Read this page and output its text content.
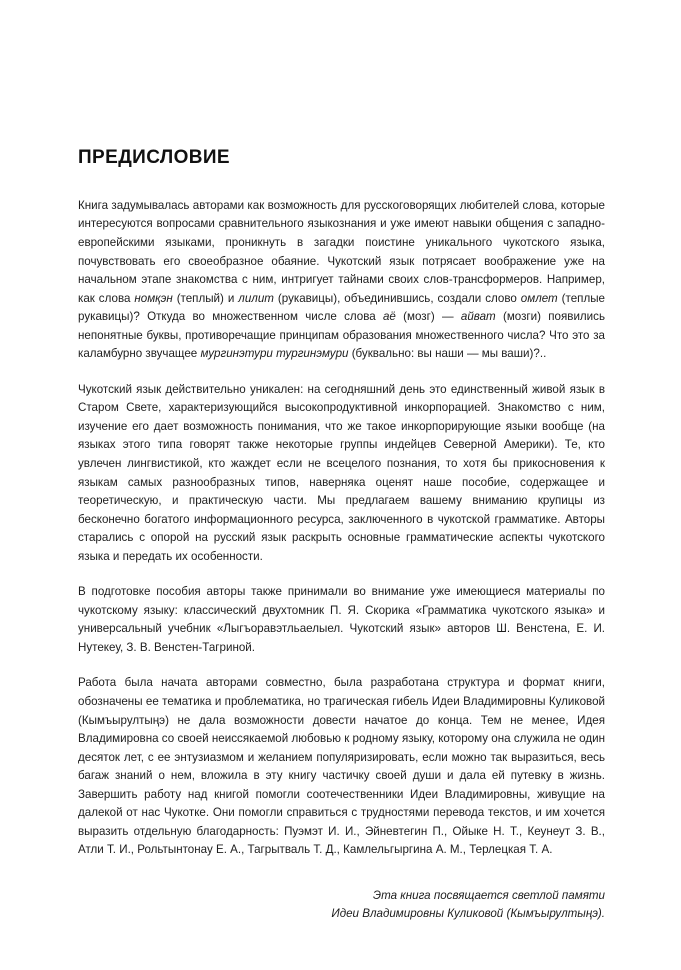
ПРЕДИСЛОВИЕ

Книга задумывалась авторами как возможность для русскоговорящих любителей слова, которые интересуются вопросами сравнительного языкознания и уже имеют навыки общения с западно-европейскими языками, проникнуть в загадки поистине уникального чукотского языка, почувствовать его своеобразное обаяние. Чукотский язык потрясает воображение уже на начальном этапе знакомства с ним, интригует тайнами своих слов-трансформеров. Например, как слова номқэн (теплый) и лилит (рукавицы), объединившись, создали слово омлет (теплые рукавицы)? Откуда во множественном числе слова аё (мозг) — айват (мозги) появились непонятные буквы, противоречащие принципам образования множественного числа? Что это за каламбурно звучащее мургинэтури тургинэмури (буквально: вы наши — мы ваши)?..

Чукотский язык действительно уникален: на сегодняшний день это единственный живой язык в Старом Свете, характеризующийся высокопродуктивной инкорпорацией. Знакомство с ним, изучение его дает возможность понимания, что же такое инкорпорирующие языки вообще (на языках этого типа говорят также некоторые группы индейцев Северной Америки). Те, кто увлечен лингвистикой, кто жаждет если не всецелого познания, то хотя бы прикосновения к языкам самых разнообразных типов, наверняка оценят наше пособие, содержащее и теоретическую, и практическую части. Мы предлагаем вашему вниманию крупицы из бесконечно богатого информационного ресурса, заключенного в чукотской грамматике. Авторы старались с опорой на русский язык раскрыть основные грамматические аспекты чукотского языка и передать их особенности.

В подготовке пособия авторы также принимали во внимание уже имеющиеся материалы по чукотскому языку: классический двухтомник П. Я. Скорика «Грамматика чукотского языка» и универсальный учебник «Лыгъоравэтльаелыел. Чукотский язык» авторов Ш. Венстена, Е. И. Нутекеу, З. В. Венстен-Тагриной.

Работа была начата авторами совместно, была разработана структура и формат книги, обозначены ее тематика и проблематика, но трагическая гибель Идеи Владимировны Куликовой (Кымъырултыңэ) не дала возможности довести начатое до конца. Тем не менее, Идея Владимировна со своей неиссякаемой любовью к родному языку, которому она служила не один десяток лет, с ее энтузиазмом и желанием популяризировать, если можно так выразиться, весь багаж знаний о нем, вложила в эту книгу частичку своей души и дала ей путевку в жизнь. Завершить работу над книгой помогли соотечественники Идеи Владимировны, живущие на далекой от нас Чукотке. Они помогли справиться с трудностями перевода текстов, и им хочется выразить отдельную благодарность: Пуэмэт И. И., Эйневтегин П., Ойыке Н. Т., Кеунеут З. В., Атли Т. И., Рольтынтонау Е. А., Тагрытваль Т. Д., Камлельгыргина А. М., Терлецкая Т. А.

Эта книга посвящается светлой памяти
Идеи Владимировны Куликовой (Кымъырултыңэ).
